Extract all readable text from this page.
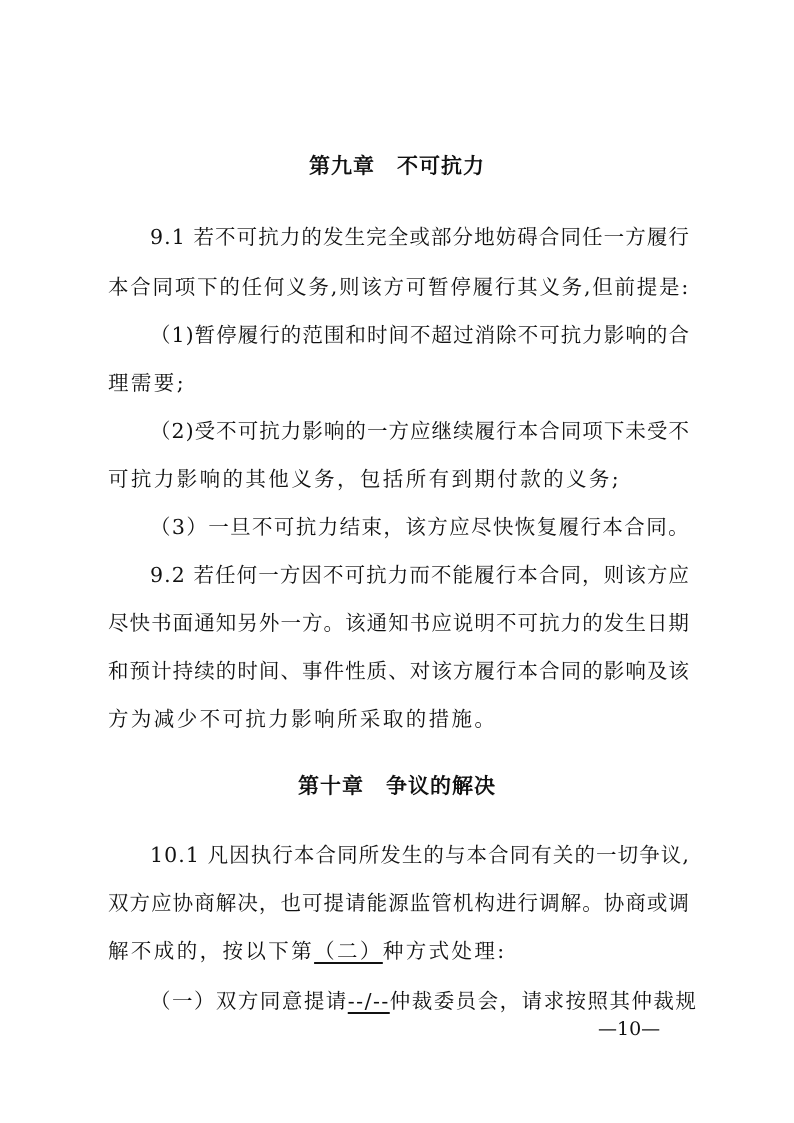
第九章　不可抗力
9.1 若不可抗力的发生完全或部分地妨碍合同任一方履行
本合同项下的任何义务,则该方可暂停履行其义务,但前提是:
（1)暂停履行的范围和时间不超过消除不可抗力影响的合
理需要;
（2)受不可抗力影响的一方应继续履行本合同项下未受不
可抗力影响的其他义务，包括所有到期付款的义务;
（3）一旦不可抗力结束，该方应尽快恢复履行本合同。
9.2 若任何一方因不可抗力而不能履行本合同，则该方应
尽快书面通知另外一方。该通知书应说明不可抗力的发生日期
和预计持续的时间、事件性质、对该方履行本合同的影响及该
方为减少不可抗力影响所采取的措施。
第十章　争议的解决
10.1 凡因执行本合同所发生的与本合同有关的一切争议,
双方应协商解决，也可提请能源监管机构进行调解。协商或调
解不成的，按以下第（二）种方式处理:
（一）双方同意提请--/--仲裁委员会，请求按照其仲裁规
—10—
